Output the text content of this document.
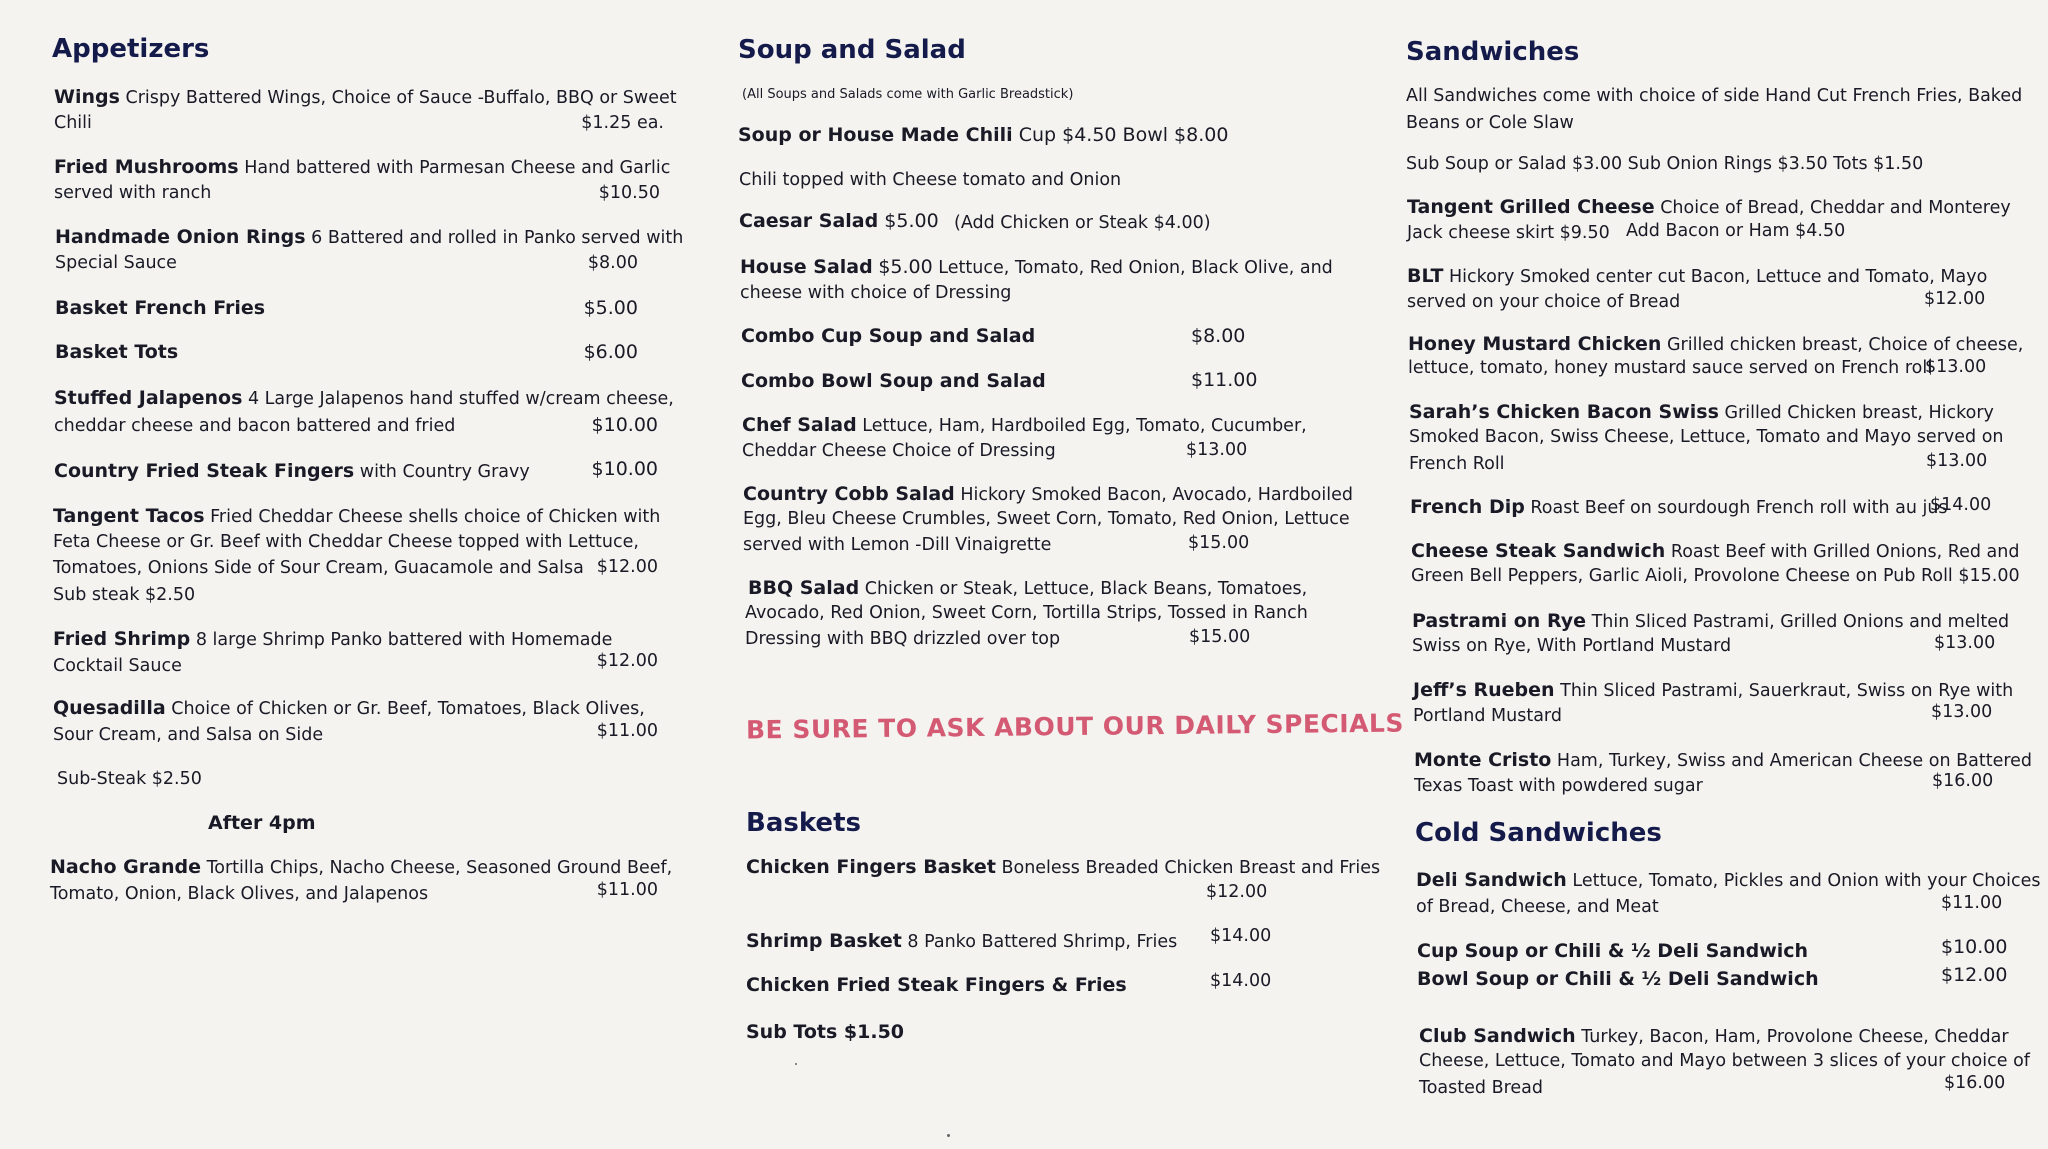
Appetizers
Wings Crispy Battered Wings, Choice of Sauce -Buffalo, BBQ or Sweet
Chili	$1.25 ea.
Fried Mushrooms Hand battered with Parmesan Cheese and Garlic
served with ranch	$10.50
Handmade Onion Rings 6 Battered and rolled in Panko served with
Special Sauce	$8.00
Basket French Fries	$5.00
Basket Tots	$6.00
Stuffed Jalapenos 4 Large Jalapenos hand stuffed w/cream cheese,
cheddar cheese and bacon battered and fried	$10.00
Country Fried Steak Fingers with Country Gravy	$10.00
Tangent Tacos Fried Cheddar Cheese shells choice of Chicken with
Feta Cheese or Gr. Beef with Cheddar Cheese topped with Lettuce,
Tomatoes, Onions Side of Sour Cream, Guacamole and Salsa $12.00
Sub steak $2.50
Fried Shrimp 8 large Shrimp Panko battered with Homemade
Cocktail Sauce	$12.00
Quesadilla Choice of Chicken or Gr. Beef, Tomatoes, Black Olives,
Sour Cream, and Salsa on Side	$11.00
Sub-Steak $2.50
After 4pm
Nacho Grande Tortilla Chips, Nacho Cheese, Seasoned Ground Beef,
Tomato, Onion, Black Olives, and Jalapenos	$11.00
Soup and Salad
(All Soups and Salads come with Garlic Breadstick)
Soup or House Made Chili Cup $4.50 Bowl $8.00
Chili topped with Cheese tomato and Onion
Caesar Salad $5.00 (Add Chicken or Steak $4.00)
House Salad $5.00 Lettuce, Tomato, Red Onion, Black Olive, and
cheese with choice of Dressing
Combo Cup Soup and Salad	$8.00
Combo Bowl Soup and Salad	$11.00
Chef Salad Lettuce, Ham, Hardboiled Egg, Tomato, Cucumber,
Cheddar Cheese Choice of Dressing	$13.00
Country Cobb Salad Hickory Smoked Bacon, Avocado, Hardboiled
Egg, Bleu Cheese Crumbles, Sweet Corn, Tomato, Red Onion, Lettuce
served with Lemon -Dill Vinaigrette	$15.00
BBQ Salad Chicken or Steak, Lettuce, Black Beans, Tomatoes,
Avocado, Red Onion, Sweet Corn, Tortilla Strips, Tossed in Ranch
Dressing with BBQ drizzled over top	$15.00
BE SURE TO ASK ABOUT OUR DAILY SPECIALS
Baskets
Chicken Fingers Basket Boneless Breaded Chicken Breast and Fries
$12.00
Shrimp Basket 8 Panko Battered Shrimp, Fries $14.00
Chicken Fried Steak Fingers & Fries	$14.00
Sub Tots $1.50
Sandwiches
All Sandwiches come with choice of side Hand Cut French Fries, Baked
Beans or Cole Slaw
Sub Soup or Salad $3.00 Sub Onion Rings $3.50 Tots $1.50
Tangent Grilled Cheese Choice of Bread, Cheddar and Monterey
Jack cheese skirt $9.50 Add Bacon or Ham $4.50
BLT Hickory Smoked center cut Bacon, Lettuce and Tomato, Mayo
served on your choice of Bread	$12.00
Honey Mustard Chicken Grilled chicken breast, Choice of cheese,
lettuce, tomato, honey mustard sauce served on French roll
$13.00
Sarah’s Chicken Bacon Swiss Grilled Chicken breast, Hickory
Smoked Bacon, Swiss Cheese, Lettuce, Tomato and Mayo served on
French Roll	$13.00
French Dip Roast Beef on sourdough French roll with au jus
$14.00
Cheese Steak Sandwich Roast Beef with Grilled Onions, Red and
Green Bell Peppers, Garlic Aioli, Provolone Cheese on Pub Roll $15.00
Pastrami on Rye Thin Sliced Pastrami, Grilled Onions and melted
Swiss on Rye, With Portland Mustard	$13.00
Jeff’s Rueben Thin Sliced Pastrami, Sauerkraut, Swiss on Rye with
Portland Mustard	$13.00
Monte Cristo Ham, Turkey, Swiss and American Cheese on Battered
Texas Toast with powdered sugar	$16.00
Cold Sandwiches
Deli Sandwich Lettuce, Tomato, Pickles and Onion with your Choices
of Bread, Cheese, and Meat	$11.00
Cup Soup or Chili & ½ Deli Sandwich	$10.00
Bowl Soup or Chili & ½ Deli Sandwich	$12.00
Club Sandwich Turkey, Bacon, Ham, Provolone Cheese, Cheddar
Cheese, Lettuce, Tomato and Mayo between 3 slices of your choice of
Toasted Bread	$16.00
